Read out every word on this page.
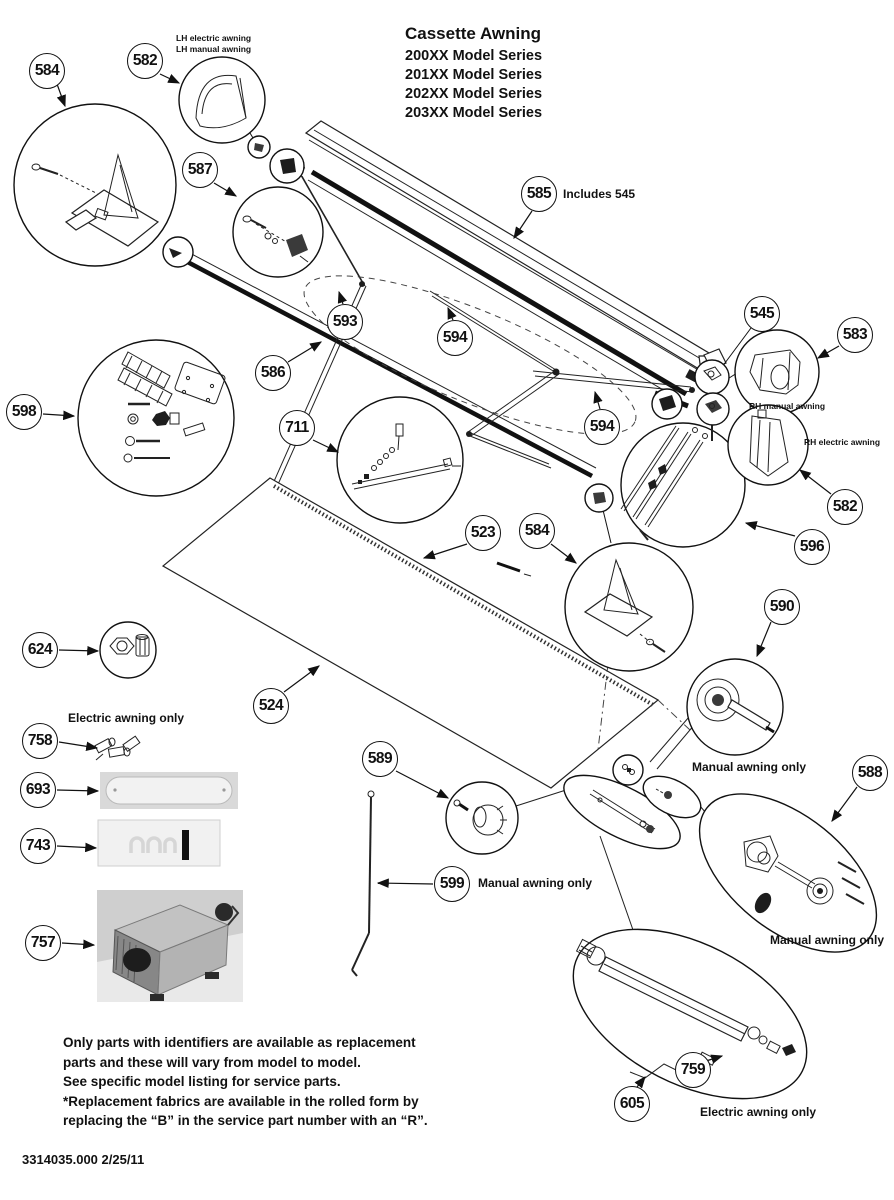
Cassette Awning
200XX Model Series
201XX Model Series
202XX Model Series
203XX Model Series
LH electric awning
LH manual awning
Includes 545
RH manual awning
RH electric awning
Electric awning only
Manual awning only
Manual awning only
Manual awning only
Electric awning only
584
582
587
585
593
594
586
598
711
545
583
582
596
594
523	584
590
624
758
693
743
757
524
589
599
588
759
605
Only parts with identifiers are available as replacement
parts and these will vary from model to model.
See specific model listing for service parts.
*Replacement fabrics are available in the rolled form by
replacing the “B” in the service part number with an “R”.
3314035.000 2/25/11
